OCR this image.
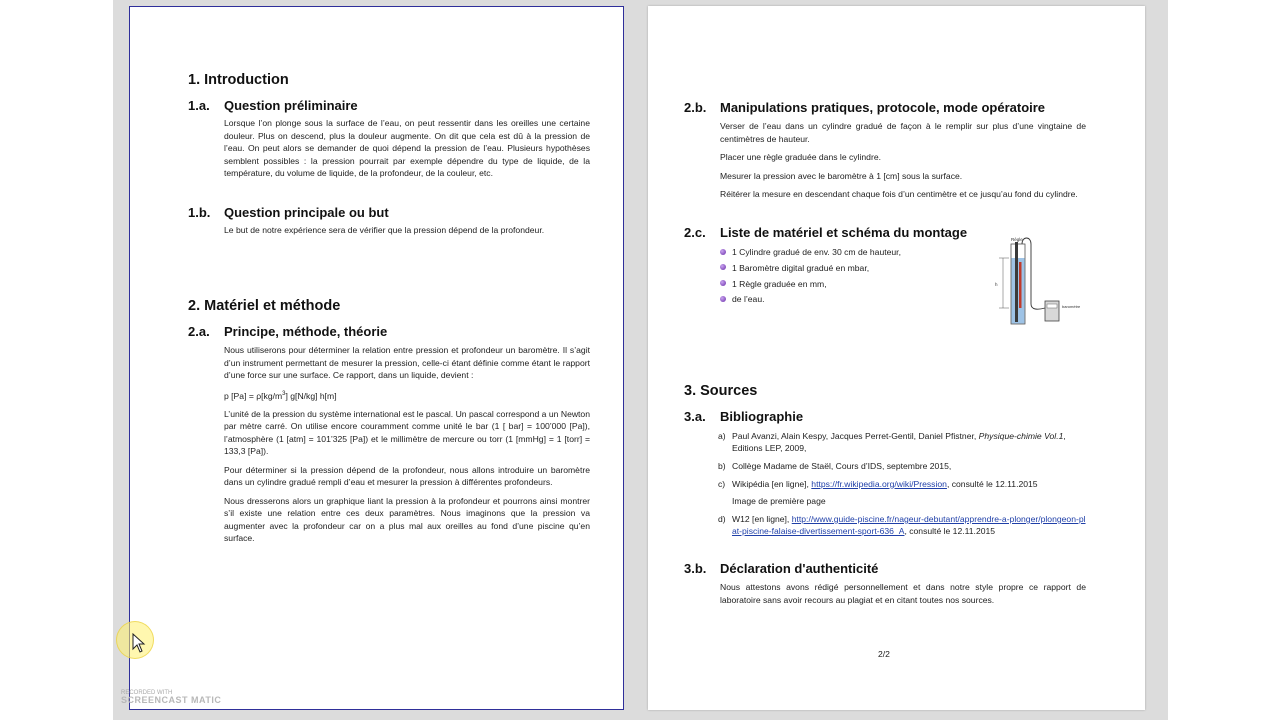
1. Introduction
1.a. Question préliminaire

Lorsque l’on plonge sous la surface de l’eau, on peut ressentir dans les oreilles une certaine douleur. Plus on descend, plus la douleur augmente. On dit que cela est dû à la pression de l’eau. On peut alors se demander de quoi dépend la pression de l’eau. Plusieurs hypothèses semblent possibles : la pression pourrait par exemple dépendre du type de liquide, de la température, du volume de liquide, de la profondeur, de la couleur, etc.

1.b. Question principale ou but

Le but de notre expérience sera de vérifier que la pression dépend de la profondeur.

2. Matériel et méthode
2.a. Principe, méthode, théorie

Nous utiliserons pour déterminer la relation entre pression et profondeur un baromètre. Il s’agit d’un instrument permettant de mesurer la pression, celle-ci étant définie comme étant le rapport d’une force sur une surface. Ce rapport, dans un liquide, devient :

p $[Pa] = \rho[kg/m^3]$ g[N/kg] h[m]

L’unité de la pression du système international est le pascal. Un pascal correspond a un Newton par mètre carré. On utilise encore couramment comme unité le bar (1 [ bar] = 100’000 [Pa]), l’atmosphère (1 [atm] = 101’325 [Pa]) et le millimètre de mercure ou torr (1 [mmHg] = 1 [torr] = 133,3 [Pa]).

Pour déterminer si la pression dépend de la profondeur, nous allons introduire un baromètre dans un cylindre gradué rempli d’eau et mesurer la pression à différentes profondeurs.

Nous dresserons alors un graphique liant la pression à la profondeur et pourrons ainsi montrer s’il existe une relation entre ces deux paramètres. Nous imaginons que la pression va augmenter avec la profondeur car on a plus mal aux oreilles au fond d’une piscine qu’en surface.

2.b. Manipulations pratiques, protocole, mode opératoire

Verser de l’eau dans un cylindre gradué de façon à le remplir sur plus d’une vingtaine de centimètres de hauteur.

Placer une règle graduée dans le cylindre.

Mesurer la pression avec le baromètre à 1 [cm] sous la surface.

Réitérer la mesure en descendant chaque fois d’un centimètre et ce jusqu’au fond du cylindre.

2.c. Liste de matériel et schéma du montage
1 Cylindre gradué de env. 30 cm de hauteur,
1 Baromètre digital gradué en mbar,
1 Règle graduée en mm,
de l’eau.
Règle
baromètre
h
3. Sources
3.a. Bibliographie
a) Paul Avanzi, Alain Kespy, Jacques Perret-Gentil, Daniel Pfistner, Physique-chimie Vol.1, Editions LEP, 2009,
b) Collège Madame de Staël, Cours d’IDS, septembre 2015,
c) Wikipédia [en ligne], https://fr.wikipedia.org/wiki/Pression, consulté le 12.11.2015
Image de première page
d) W12 [en ligne], http://www.guide-piscine.fr/nageur-debutant/apprendre-a-plonger/plongeon-plat-piscine-falaise-divertissement-sport-636_A, consulté le 12.11.2015
3.b. Déclaration d'authenticité

Nous attestons avons rédigé personnellement et dans notre style propre ce rapport de laboratoire sans avoir recours au plagiat et en citant toutes nos sources.

2/2
RECORDED WITH
SCREENCAST MATIC
